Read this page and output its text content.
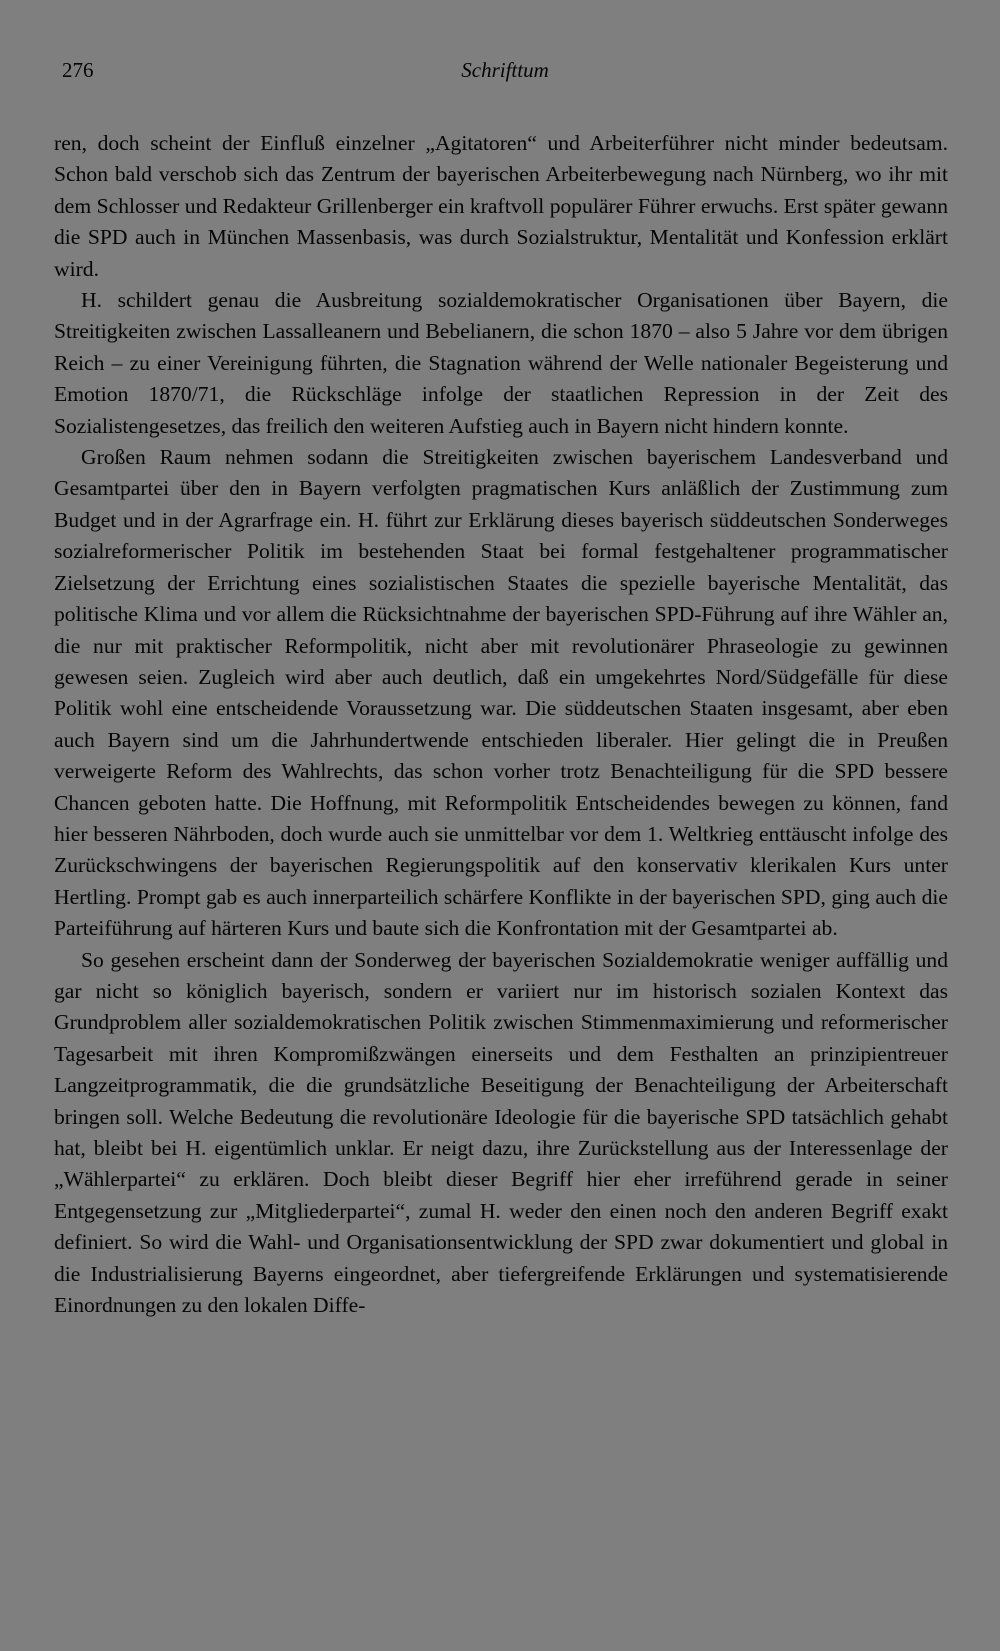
276	Schrifttum

ren, doch scheint der Einfluß einzelner „Agitatoren“ und Arbeiterführer nicht minder bedeutsam. Schon bald verschob sich das Zentrum der bayerischen Arbeiterbewegung nach Nürnberg, wo ihr mit dem Schlosser und Redakteur Grillenberger ein kraftvoll populärer Führer erwuchs. Erst später gewann die SPD auch in München Massenbasis, was durch Sozialstruktur, Mentalität und Konfession erklärt wird.

H. schildert genau die Ausbreitung sozialdemokratischer Organisationen über Bayern, die Streitigkeiten zwischen Lassalleanern und Bebelianern, die schon 1870 – also 5 Jahre vor dem übrigen Reich – zu einer Vereinigung führten, die Stagnation während der Welle nationaler Begeisterung und Emotion 1870/71, die Rückschläge infolge der staatlichen Repression in der Zeit des Sozialistengesetzes, das freilich den weiteren Aufstieg auch in Bayern nicht hindern konnte.

Großen Raum nehmen sodann die Streitigkeiten zwischen bayerischem Landesverband und Gesamtpartei über den in Bayern verfolgten pragmatischen Kurs anläßlich der Zustimmung zum Budget und in der Agrarfrage ein. H. führt zur Erklärung dieses bayerisch süddeutschen Sonderweges sozialreformerischer Politik im bestehenden Staat bei formal festgehaltener programmatischer Zielsetzung der Errichtung eines sozialistischen Staates die spezielle bayerische Mentalität, das politische Klima und vor allem die Rücksichtnahme der bayerischen SPD-Führung auf ihre Wähler an, die nur mit praktischer Reformpolitik, nicht aber mit revolutionärer Phraseologie zu gewinnen gewesen seien. Zugleich wird aber auch deutlich, daß ein umgekehrtes Nord/Südgefälle für diese Politik wohl eine entscheidende Voraussetzung war. Die süddeutschen Staaten insgesamt, aber eben auch Bayern sind um die Jahrhundertwende entschieden liberaler. Hier gelingt die in Preußen verweigerte Reform des Wahlrechts, das schon vorher trotz Benachteiligung für die SPD bessere Chancen geboten hatte. Die Hoffnung, mit Reformpolitik Entscheidendes bewegen zu können, fand hier besseren Nährboden, doch wurde auch sie unmittelbar vor dem 1. Weltkrieg enttäuscht infolge des Zurückschwingens der bayerischen Regierungspolitik auf den konservativ klerikalen Kurs unter Hertling. Prompt gab es auch innerparteilich schärfere Konflikte in der bayerischen SPD, ging auch die Parteiführung auf härteren Kurs und baute sich die Konfrontation mit der Gesamtpartei ab.

So gesehen erscheint dann der Sonderweg der bayerischen Sozialdemokratie weniger auffällig und gar nicht so königlich bayerisch, sondern er variiert nur im historisch sozialen Kontext das Grundproblem aller sozialdemokratischen Politik zwischen Stimmenmaximierung und reformerischer Tagesarbeit mit ihren Kompromißzwängen einerseits und dem Festhalten an prinzipientreuer Langzeitprogrammatik, die die grundsätzliche Beseitigung der Benachteiligung der Arbeiterschaft bringen soll. Welche Bedeutung die revolutionäre Ideologie für die bayerische SPD tatsächlich gehabt hat, bleibt bei H. eigentümlich unklar. Er neigt dazu, ihre Zurückstellung aus der Interessenlage der „Wählerpartei“ zu erklären. Doch bleibt dieser Begriff hier eher irreführend gerade in seiner Entgegensetzung zur „Mitgliederpartei“, zumal H. weder den einen noch den anderen Begriff exakt definiert. So wird die Wahl- und Organisationsentwicklung der SPD zwar dokumentiert und global in die Industrialisierung Bayerns eingeordnet, aber tiefergreifende Erklärungen und systematisierende Einordnungen zu den lokalen Diffe-
